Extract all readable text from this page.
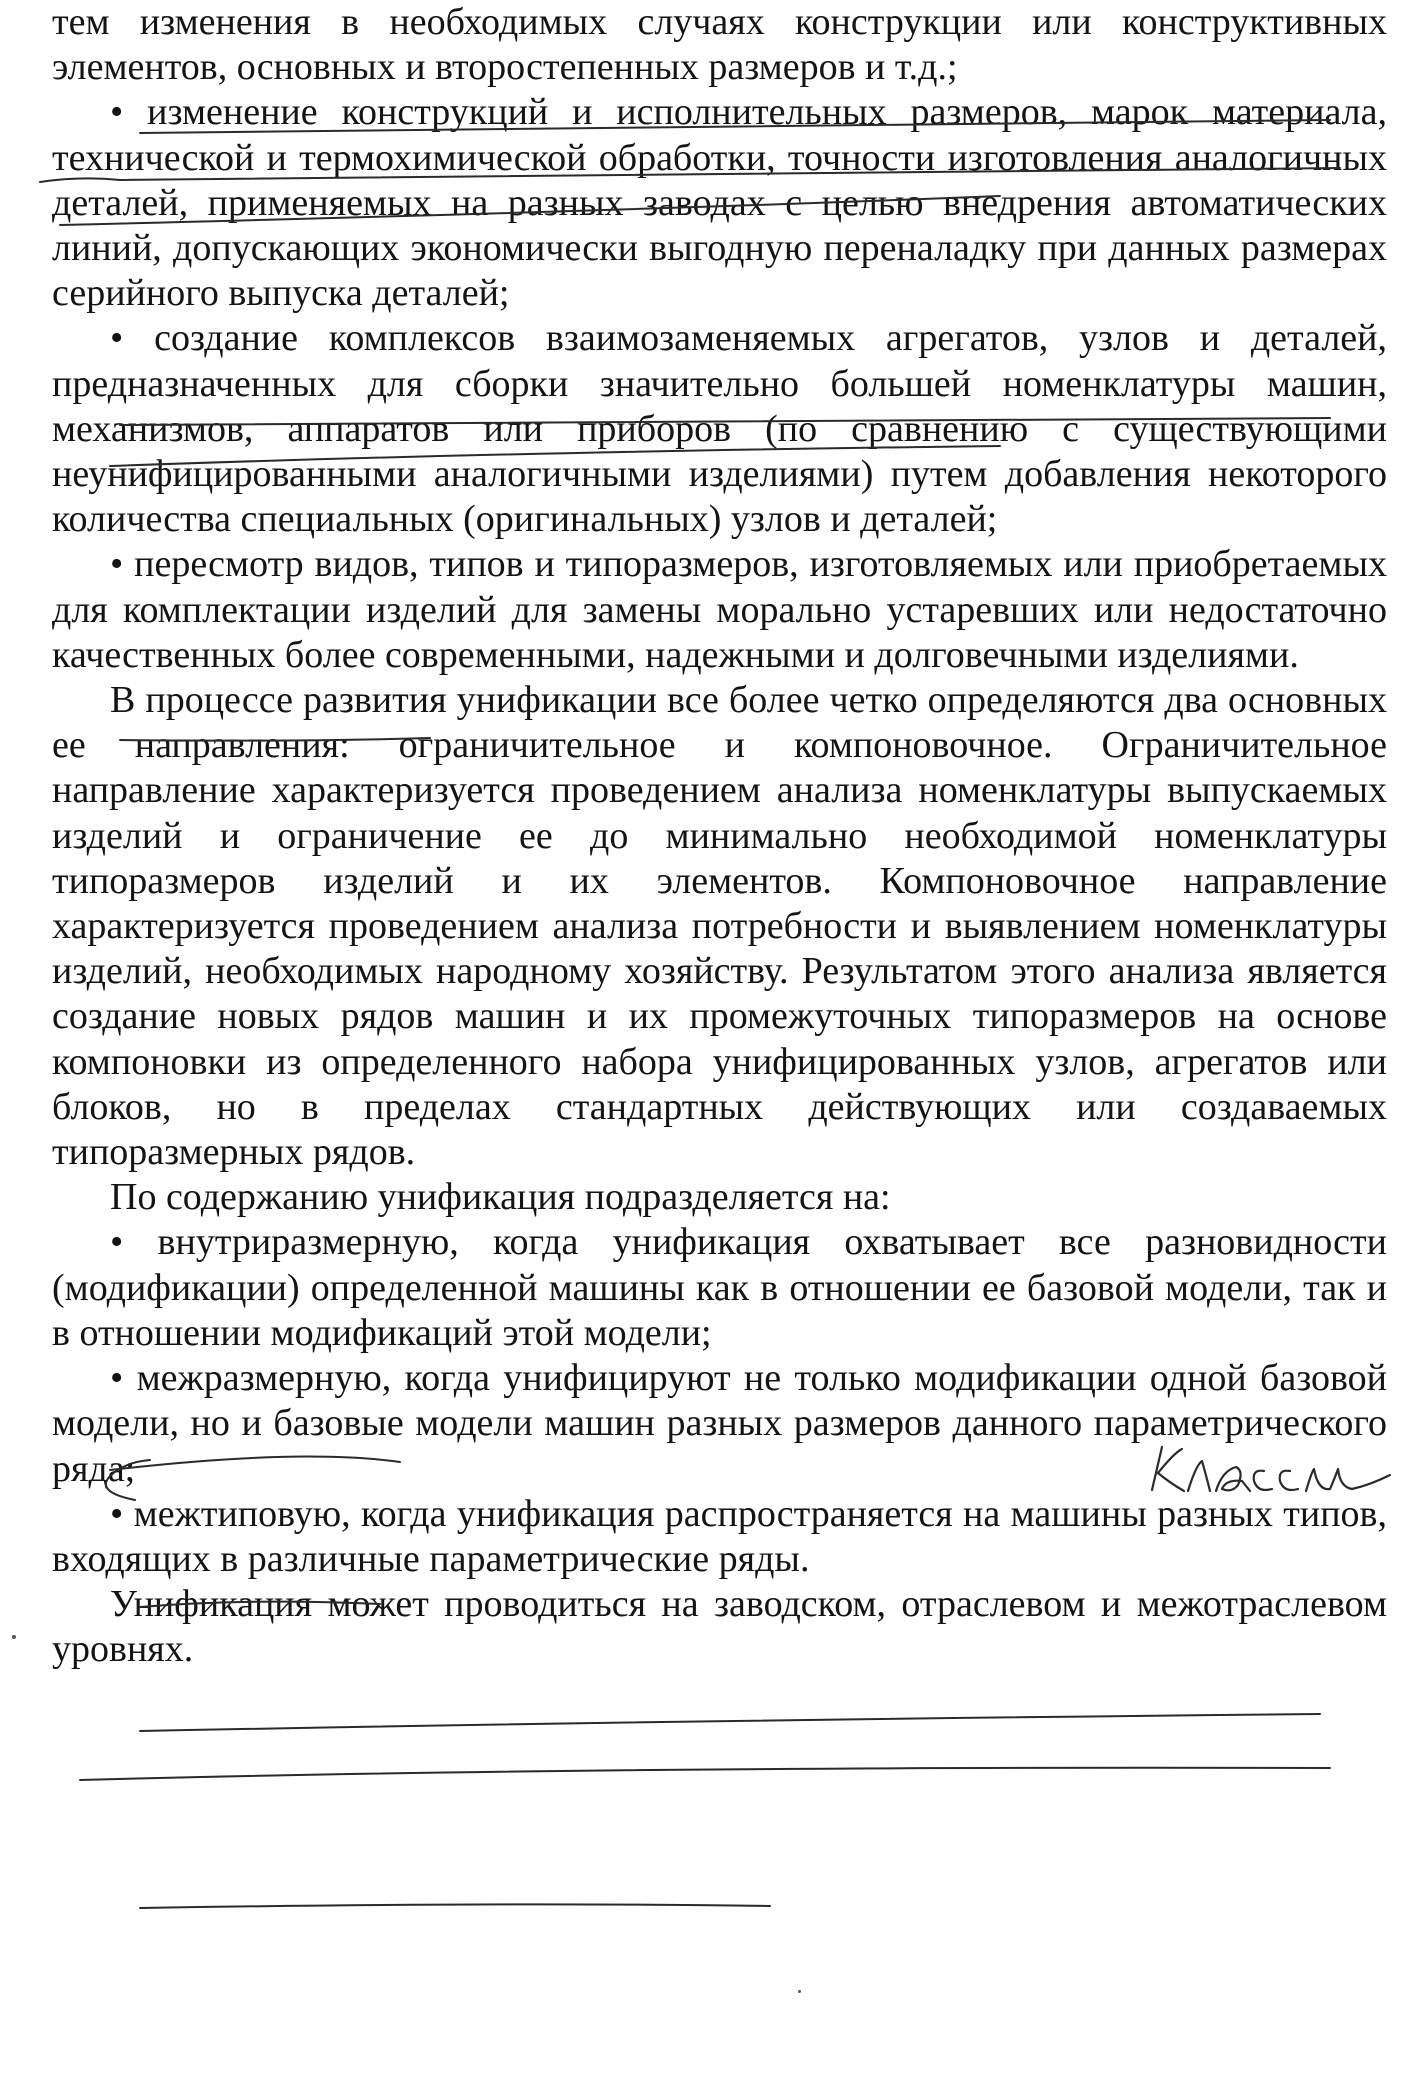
тем изменения в необходимых случаях конструкции или конструктивных элементов, основных и второстепенных размеров и т.д.;

• изменение конструкций и исполнительных размеров, марок материала, технической и термохимической обработки, точности изготовления аналогичных деталей, применяемых на разных заводах с целью внедрения автоматических линий, допускающих экономически выгодную переналадку при данных размерах серийного выпуска деталей;

• создание комплексов взаимозаменяемых агрегатов, узлов и деталей, предназначенных для сборки значительно большей номенклатуры машин, механизмов, аппаратов или приборов (по сравнению с существующими неунифицированными аналогичными изделиями) путем добавления некоторого количества специальных (оригинальных) узлов и деталей;

• пересмотр видов, типов и типоразмеров, изготовляемых или приобретаемых для комплектации изделий для замены морально устаревших или недостаточно качественных более современными, надежными и долговечными изделиями.

В процессе развития унификации все более четко определяются два основных ее направления: ограничительное и компоновочное. Ограничительное направление характеризуется проведением анализа номенклатуры выпускаемых изделий и ограничение ее до минимально необходимой номенклатуры типоразмеров изделий и их элементов. Компоновочное направление характеризуется проведением анализа потребности и выявлением номенклатуры изделий, необходимых народному хозяйству. Результатом этого анализа является создание новых рядов машин и их промежуточных типоразмеров на основе компоновки из определенного набора унифицированных узлов, агрегатов или блоков, но в пределах стандартных действующих или создаваемых типоразмерных рядов.

По содержанию унификация подразделяется на:

• внутриразмерную, когда унификация охватывает все разновидности (модификации) определенной машины как в отношении ее базовой модели, так и в отношении модификаций этой модели;

• межразмерную, когда унифицируют не только модификации одной базовой модели, но и базовые модели машин разных размеров данного параметрического ряда;

• межтиповую, когда унификация распространяется на машины разных типов, входящих в различные параметрические ряды.

Унификация может проводиться на заводском, отраслевом и межотраслевом уровнях.
